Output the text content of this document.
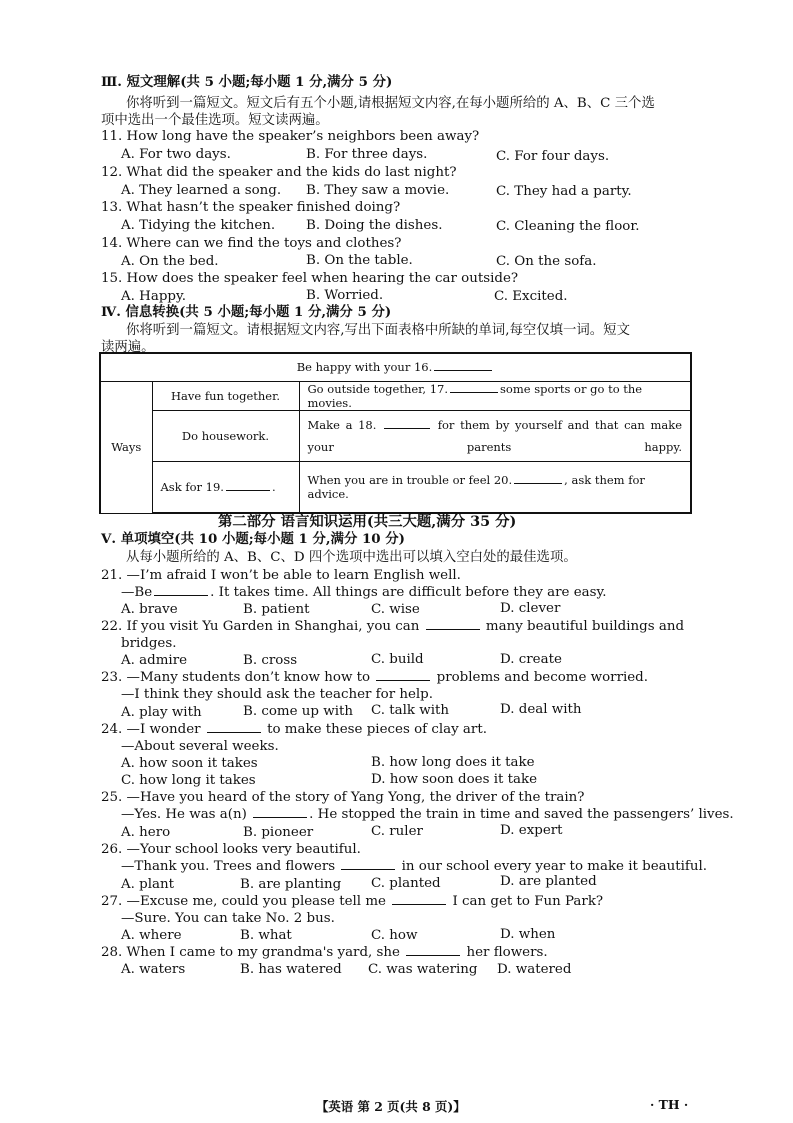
Ⅲ. 短文理解(共 5 小题;每小题 1 分,满分 5 分)
你将听到一篇短文。短文后有五个小题,请根据短文内容,在每小题所给的 A、B、C 三个选
项中选出一个最佳选项。短文读两遍。
11. How long have the speaker’s neighbors been away?
A. For two days.	B. For three days.	C. For four days.
12. What did the speaker and the kids do last night?
A. They learned a song. B. They saw a movie.	C. They had a party.
13. What hasn’t the speaker finished doing?
A. Tidying the kitchen. B. Doing the dishes.	C. Cleaning the floor.
14. Where can we find the toys and clothes?
A. On the bed.	B. On the table.	C. On the sofa.
15. How does the speaker feel when hearing the car outside?
A. Happy.	B. Worried.	C. Excited.
Ⅳ. 信息转换(共 5 小题;每小题 1 分,满分 5 分)
你将听到一篇短文。请根据短文内容,写出下面表格中所缺的单词,每空仅填一词。短文
读两遍。
Be happy with your 16.		
Ways	Have fun together.	Go outside together, 17. some sports or go to the movies.
	Do housework.	Make a 18. for them by yourself and that can make your parents happy.

	Ask for 19. .	When you are in trouble or feel 20. , ask them for advice.
第二部分 语言知识运用(共三大题,满分 35 分)
Ⅴ. 单项填空(共 10 小题;每小题 1 分,满分 10 分)
从每小题所给的 A、B、C、D 四个选项中选出可以填入空白处的最佳选项。
21. —I’m afraid I won’t be able to learn English well.
—Be	. It takes time. All things are difficult before they are easy.
A. brave	B. patient	C. wise	D. clever
22. If you visit Yu Garden in Shanghai, you can	many beautiful buildings and
bridges.
A. admire	B. cross	C. build	D. create
23. —Many students don’t know how to	problems and become worried.
—I think they should ask the teacher for help.
A. play with	B. come up with C. talk with	D. deal with
24. —I wonder	to make these pieces of clay art.
—About several weeks.
A. how soon it takes	B. how long does it take
C. how long it takes	D. how soon does it take
25. —Have you heard of the story of Yang Yong, the driver of the train?
—Yes. He was a(n)	. He stopped the train in time and saved the passengers’ lives.
A. hero	B. pioneer	C. ruler	D. expert
26. —Your school looks very beautiful.
—Thank you. Trees and flowers	in our school every year to make it beautiful.
A. plant	B. are planting C. planted	D. are planted
27. —Excuse me, could you please tell me	I can get to Fun Park?
—Sure. You can take No. 2 bus.
A. where	B. what	C. how	D. when
28. When I came to my grandma's yard, she	her flowers.
A. waters	B. has watered C. was watering D. watered
【英语 第 2 页(共 8 页)】	· TH ·
